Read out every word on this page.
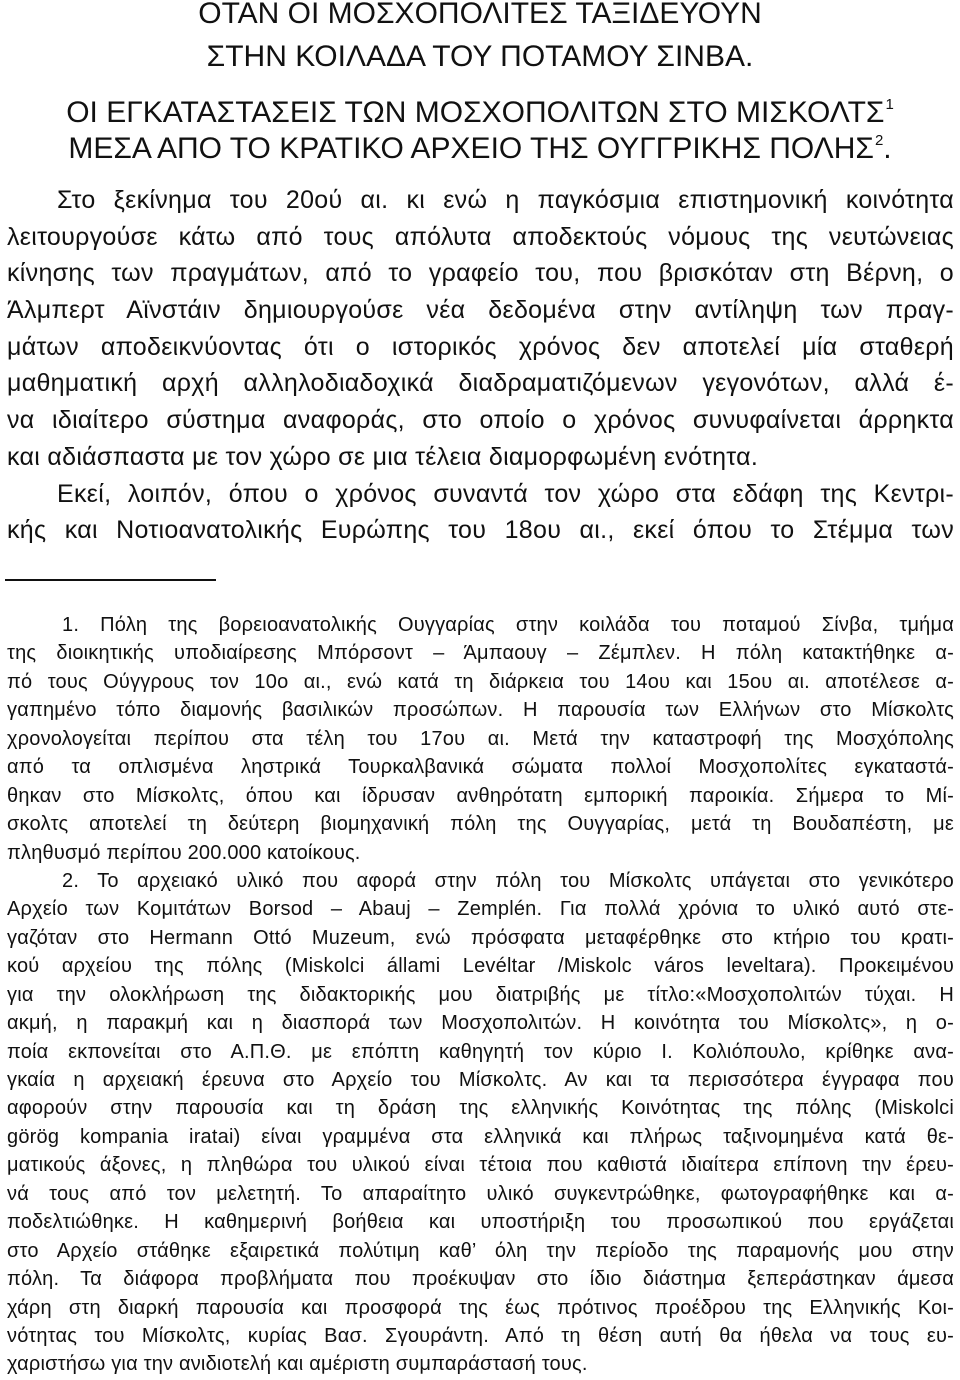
ΟΤΑΝ ΟΙ ΜΟΣΧΟΠΟΛΙΤΕΣ ΤΑΞΙΔΕΥΟΥΝ
ΣΤΗΝ ΚΟΙΛΑΔΑ ΤΟΥ ΠΟΤΑΜΟΥ ΣΙΝΒΑ.
ΟΙ ΕΓΚΑΤΑΣΤΑΣΕΙΣ ΤΩΝ ΜΟΣΧΟΠΟΛΙΤΩΝ ΣΤΟ ΜΙΣΚΟΛΤΣ$^1$
ΜΕΣΑ ΑΠΟ ΤΟ ΚΡΑΤΙΚΟ ΑΡΧΕΙΟ ΤΗΣ ΟΥΓΓΡΙΚΗΣ ΠΟΛΗΣ$^2$.
Στο ξεκίνημα του 20ού αι. κι ενώ η παγκόσμια επιστημονική κοινότητα
λειτουργούσε κάτω από τους απόλυτα αποδεκτούς νόμους της νευτώνειας
κίνησης των πραγμάτων, από το γραφείο του, που βρισκόταν στη Βέρνη, ο
Άλμπερτ Αϊνστάιν δημιουργούσε νέα δεδομένα στην αντίληψη των πραγ-
μάτων αποδεικνύοντας ότι ο ιστορικός χρόνος δεν αποτελεί μία σταθερή
μαθηματική αρχή αλληλοδιαδοχικά διαδραματιζόμενων γεγονότων, αλλά έ-
να ιδιαίτερο σύστημα αναφοράς, στο οποίο ο χρόνος συνυφαίνεται άρρηκτα
και αδιάσπαστα με τον χώρο σε μια τέλεια διαμορφωμένη ενότητα.
Εκεί, λοιπόν, όπου ο χρόνος συναντά τον χώρο στα εδάφη της Κεντρι-
κής και Νοτιοανατολικής Ευρώπης του 18ου αι., εκεί όπου το Στέμμα των
1. Πόλη της βορειοανατολικής Ουγγαρίας στην κοιλάδα του ποταμού Σίνβα, τμήμα
της διοικητικής υποδιαίρεσης Μπόρσοντ – Άμπαουγ – Ζέμπλεν. Η πόλη κατακτήθηκε α-
πό τους Ούγγρους τον 10ο αι., ενώ κατά τη διάρκεια του 14ου και 15ου αι. αποτέλεσε α-
γαπημένο τόπο διαμονής βασιλικών προσώπων. Η παρουσία των Ελλήνων στο Μίσκολτς
χρονολογείται περίπου στα τέλη του 17ου αι. Μετά την καταστροφή της Μοσχόπολης
από τα οπλισμένα ληστρικά Τουρκαλβανικά σώματα πολλοί Μοσχοπολίτες εγκαταστά-
θηκαν στο Μίσκολτς, όπου και ίδρυσαν ανθηρότατη εμπορική παροικία. Σήμερα το Μί-
σκολτς αποτελεί τη δεύτερη βιομηχανική πόλη της Ουγγαρίας, μετά τη Βουδαπέστη, με
πληθυσμό περίπου 200.000 κατοίκους.
2. Το αρχειακό υλικό που αφορά στην πόλη του Μίσκολτς υπάγεται στο γενικότερο
Αρχείο των Κομιτάτων Borsod – Abauj – Zemplén. Για πολλά χρόνια το υλικό αυτό στε-
γαζόταν στο Hermann Ottó Muzeum, ενώ πρόσφατα μεταφέρθηκε στο κτήριο του κρατι-
κού αρχείου της πόλης (Miskolci állami Levéltar /Miskolc város leveltara). Προκειμένου
για την ολοκλήρωση της διδακτορικής μου διατριβής με τίτλο:«Μοσχοπολιτών τύχαι. Η
ακμή, η παρακμή και η διασπορά των Μοσχοπολιτών. Η κοινότητα του Μίσκολτς», η ο-
ποία εκπονείται στο Α.Π.Θ. με επόπτη καθηγητή τον κύριο Ι. Κολιόπουλο, κρίθηκε ανα-
γκαία η αρχειακή έρευνα στο Αρχείο του Μίσκολτς. Αν και τα περισσότερα έγγραφα που
αφορούν στην παρουσία και τη δράση της ελληνικής Κοινότητας της πόλης (Miskolci
görög kompania iratai) είναι γραμμένα στα ελληνικά και πλήρως ταξινομημένα κατά θε-
ματικούς άξονες, η πληθώρα του υλικού είναι τέτοια που καθιστά ιδιαίτερα επίπονη την έρευ-
νά τους από τον μελετητή. Το απαραίτητο υλικό συγκεντρώθηκε, φωτογραφήθηκε και α-
ποδελτιώθηκε. Η καθημερινή βοήθεια και υποστήριξη του προσωπικού που εργάζεται
στο Αρχείο στάθηκε εξαιρετικά πολύτιμη καθ’ όλη την περίοδο της παραμονής μου στην
πόλη. Τα διάφορα προβλήματα που προέκυψαν στο ίδιο διάστημα ξεπεράστηκαν άμεσα
χάρη στη διαρκή παρουσία και προσφορά της έως πρότινος προέδρου της Ελληνικής Κοι-
νότητας του Μίσκολτς, κυρίας Βασ. Σγουράντη. Από τη θέση αυτή θα ήθελα να τους ευ-
χαριστήσω για την ανιδιοτελή και αμέριστη συμπαράστασή τους.
